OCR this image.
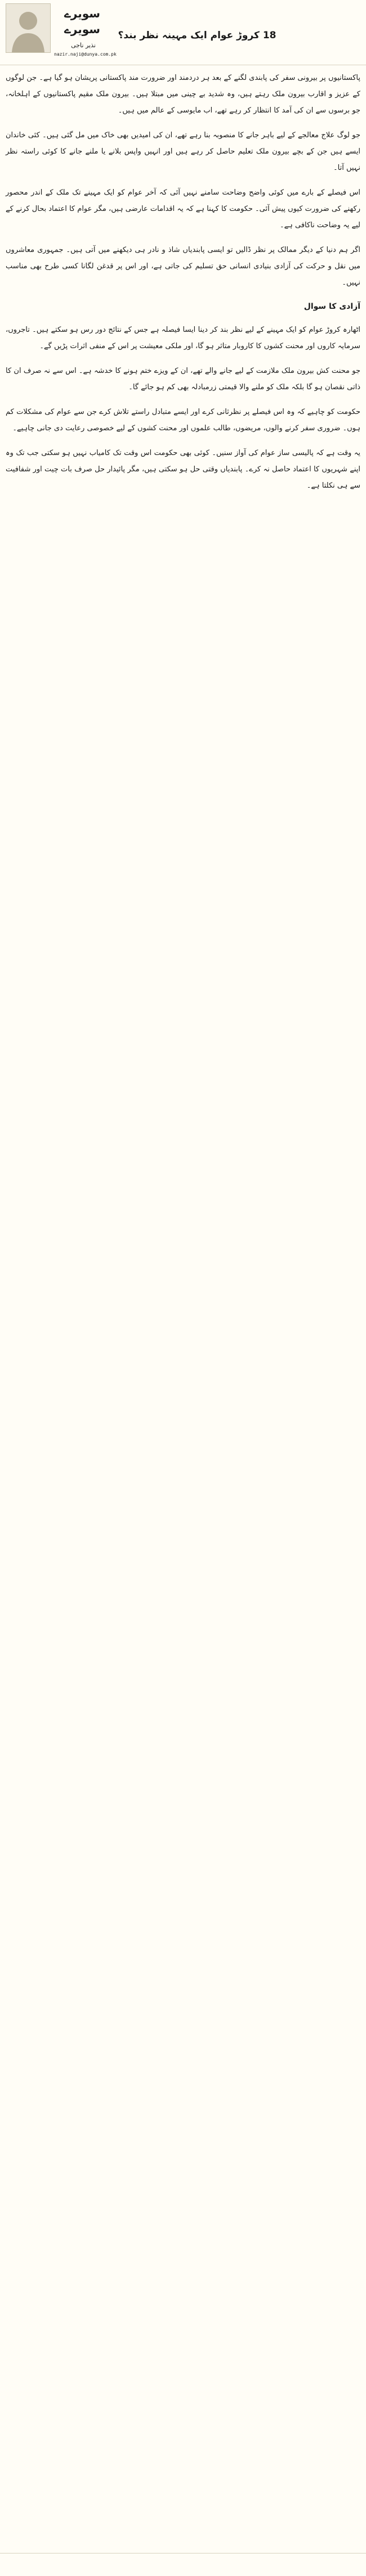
سویرے
سویرے
نذیر ناجی
nazir.naji@dunya.com.pk
18 کروڑ عوام ایک مہینہ نظر بند؟

پاکستانیوں پر بیرونی سفر کی پابندی لگنے کے بعد ہر دردمند اور ضرورت مند پاکستانی پریشان ہو گیا ہے۔ جن لوگوں کے عزیز و اقارب بیرون ملک رہتے ہیں، وہ شدید بے چینی میں مبتلا ہیں۔ بیرون ملک مقیم پاکستانیوں کے اہلخانہ، جو برسوں سے ان کی آمد کا انتظار کر رہے تھے، اب مایوسی کے عالم میں ہیں۔

جو لوگ علاج معالجے کے لیے باہر جانے کا منصوبہ بنا رہے تھے، ان کی امیدیں بھی خاک میں مل گئی ہیں۔ کئی خاندان ایسے ہیں جن کے بچے بیرون ملک تعلیم حاصل کر رہے ہیں اور انہیں واپس بلانے یا ملنے جانے کا کوئی راستہ نظر نہیں آتا۔

اس فیصلے کے بارے میں کوئی واضح وضاحت سامنے نہیں آئی کہ آخر عوام کو ایک مہینے تک ملک کے اندر محصور رکھنے کی ضرورت کیوں پیش آئی۔ حکومت کا کہنا ہے کہ یہ اقدامات عارضی ہیں، مگر عوام کا اعتماد بحال کرنے کے لیے یہ وضاحت ناکافی ہے۔

اگر ہم دنیا کے دیگر ممالک پر نظر ڈالیں تو ایسی پابندیاں شاذ و نادر ہی دیکھنے میں آتی ہیں۔ جمہوری معاشروں میں نقل و حرکت کی آزادی بنیادی انسانی حق تسلیم کی جاتی ہے، اور اس پر قدغن لگانا کسی طرح بھی مناسب نہیں۔

آزادی کا سوال

اٹھارہ کروڑ عوام کو ایک مہینے کے لیے نظر بند کر دینا ایسا فیصلہ ہے جس کے نتائج دور رس ہو سکتے ہیں۔ تاجروں، سرمایہ کاروں اور محنت کشوں کا کاروبار متاثر ہو گا، اور ملکی معیشت پر اس کے منفی اثرات پڑیں گے۔

جو محنت کش بیرون ملک ملازمت کے لیے جانے والے تھے، ان کے ویزے ختم ہونے کا خدشہ ہے۔ اس سے نہ صرف ان کا ذاتی نقصان ہو گا بلکہ ملک کو ملنے والا قیمتی زرمبادلہ بھی کم ہو جائے گا۔

حکومت کو چاہیے کہ وہ اس فیصلے پر نظرثانی کرے اور ایسے متبادل راستے تلاش کرے جن سے عوام کی مشکلات کم ہوں۔ ضروری سفر کرنے والوں، مریضوں، طالب علموں اور محنت کشوں کے لیے خصوصی رعایت دی جانی چاہیے۔

یہ وقت ہے کہ پالیسی ساز عوام کی آواز سنیں۔ کوئی بھی حکومت اس وقت تک کامیاب نہیں ہو سکتی جب تک وہ اپنے شہریوں کا اعتماد حاصل نہ کرے۔ پابندیاں وقتی حل ہو سکتی ہیں، مگر پائیدار حل صرف بات چیت اور شفافیت سے ہی نکلتا ہے۔
